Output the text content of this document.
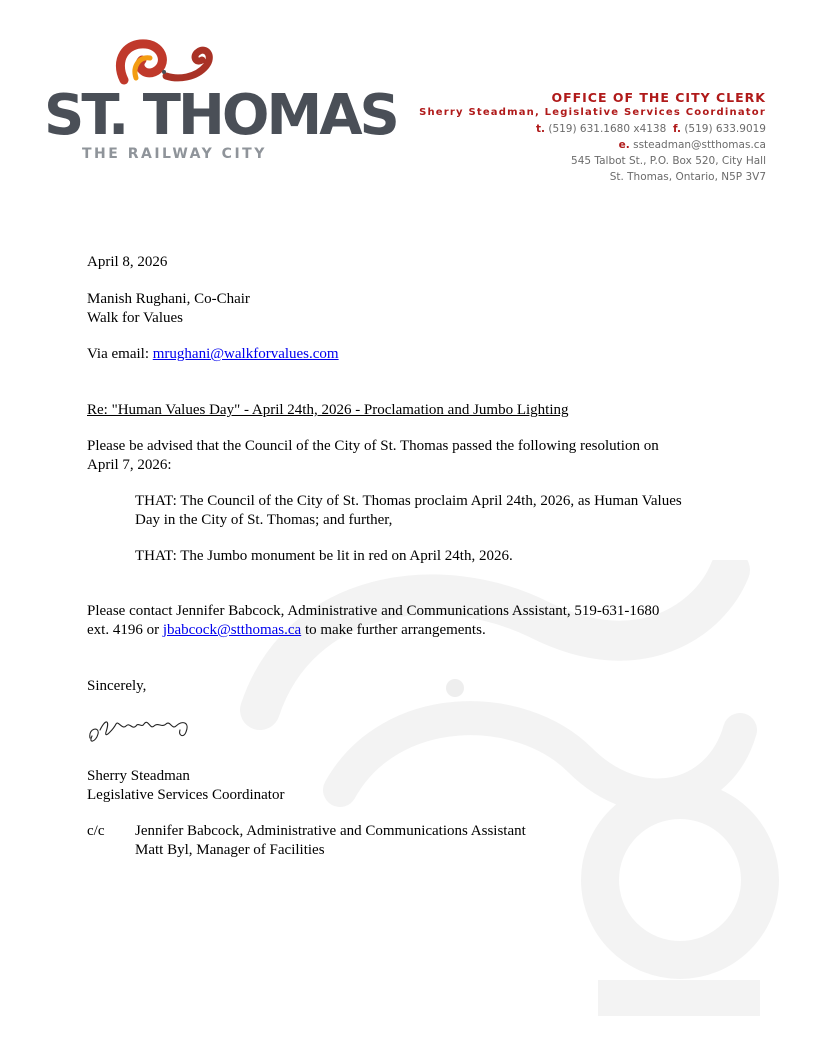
ST. THOMAS
THE RAILWAY CITY
OFFICE OF THE CITY CLERK
Sherry Steadman, Legislative Services Coordinator
t. (519) 631.1680 x4138 f. (519) 633.9019
e. ssteadman@stthomas.ca
545 Talbot St., P.O. Box 520, City Hall
St. Thomas, Ontario, N5P 3V7
April 8, 2026
Manish Rughani, Co-Chair
Walk for Values
Via email: mrughani@walkforvalues.com
Re: "Human Values Day" - April 24th, 2026 - Proclamation and Jumbo Lighting
Please be advised that the Council of the City of St. Thomas passed the following resolution on
April 7, 2026:
THAT: The Council of the City of St. Thomas proclaim April 24th, 2026, as Human Values
Day in the City of St. Thomas; and further,
THAT: The Jumbo monument be lit in red on April 24th, 2026.
Please contact Jennifer Babcock, Administrative and Communications Assistant, 519-631-1680
ext. 4196 or jbabcock@stthomas.ca to make further arrangements.
Sincerely,
Sherry Steadman
Legislative Services Coordinator
c/c Jennifer Babcock, Administrative and Communications Assistant
Matt Byl, Manager of Facilities
